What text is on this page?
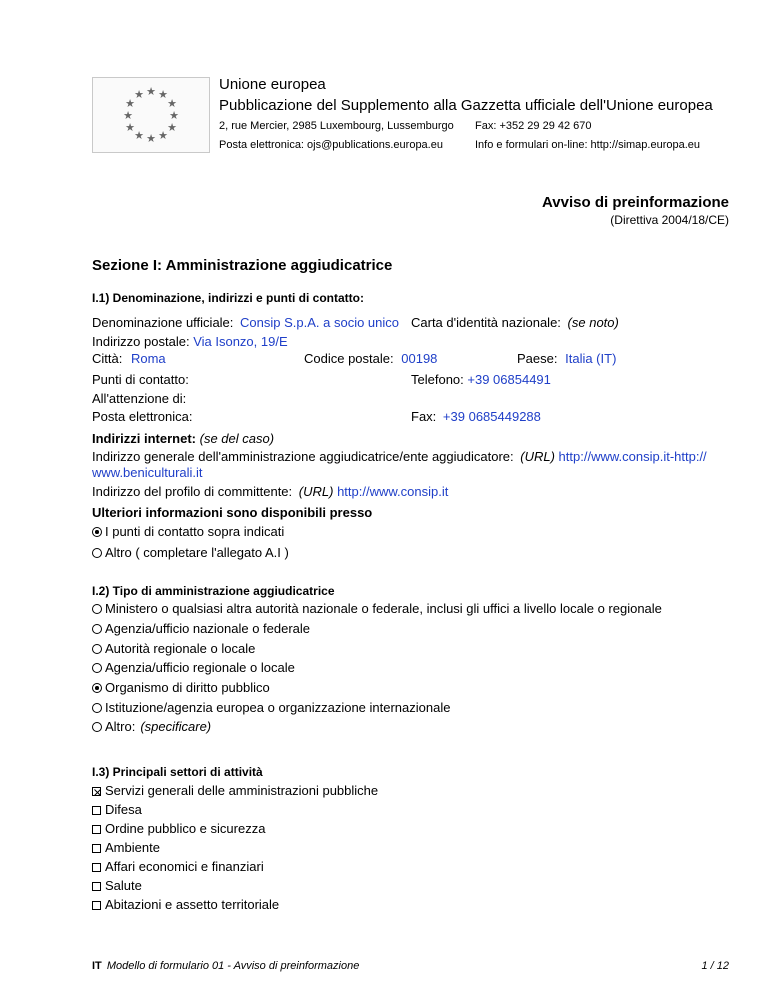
★ ★
★
★
★
★
★
★
★
★
★
★
Unione europea
Pubblicazione del Supplemento alla Gazzetta ufficiale dell'Unione europea
2, rue Mercier, 2985 Luxembourg, Lussemburgo Fax: +352 29 29 42 670
Posta elettronica: ojs@publications.europa.eu	Info e formulari on-line: http://simap.europa.eu
Avviso di preinformazione
(Direttiva 2004/18/CE)
Sezione I: Amministrazione aggiudicatrice
I.1) Denominazione, indirizzi e punti di contatto:
Denominazione ufficiale: Consip S.p.A. a socio unico Carta d'identità nazionale: (se noto)
Indirizzo postale: Via Isonzo, 19/E
Città: Roma	Codice postale: 00198	Paese: Italia (IT)
Punti di contatto:	Telefono: +39 06854491
All'attenzione di:
Posta elettronica:	Fax: +39 0685449288
Indirizzi internet: (se del caso)
Indirizzo generale dell'amministrazione aggiudicatrice/ente aggiudicatore: (URL) http://www.consip.it-http://
www.beniculturali.it
Indirizzo del profilo di committente: (URL) http://www.consip.it
Ulteriori informazioni sono disponibili presso
I punti di contatto sopra indicati
Altro ( completare l'allegato A.I )
I.2) Tipo di amministrazione aggiudicatrice
Ministero o qualsiasi altra autorità nazionale o federale, inclusi gli uffici a livello locale o regionale
Agenzia/ufficio nazionale o federale
Autorità regionale o locale
Agenzia/ufficio regionale o locale
Organismo di diritto pubblico
Istituzione/agenzia europea o organizzazione internazionale
Altro: (specificare)
I.3) Principali settori di attività
Servizi generali delle amministrazioni pubbliche
Difesa
Ordine pubblico e sicurezza
Ambiente
Affari economici e finanziari
Salute
Abitazioni e assetto territoriale
IT Modello di formulario 01 - Avviso di preinformazione	1 / 12
